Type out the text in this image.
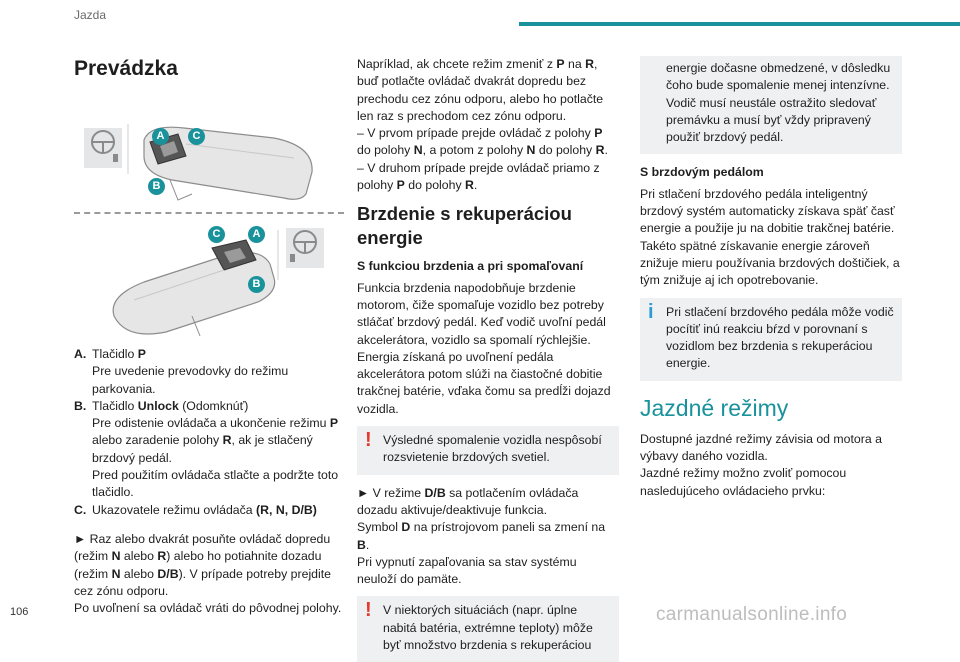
Jazda
Prevádzka
A	C
B
C	A
B
A. Tlačidlo P
Pre uvedenie prevodovky do režimu parkovania.
B. Tlačidlo Unlock (Odomknúť)
Pre odistenie ovládača a ukončenie režimu P alebo zaradenie polohy R, ak je stlačený brzdový pedál.
Pred použitím ovládača stlačte a podržte toto tlačidlo.
C. Ukazovatele režimu ovládača (R, N, D/B)

► Raz alebo dvakrát posuňte ovládač dopredu (režim N alebo R) alebo ho potiahnite dozadu (režim N alebo D/B). V prípade potreby prejdite cez zónu odporu.
Po uvoľnení sa ovládač vráti do pôvodnej polohy.

Napríklad, ak chcete režim zmeniť z P na R, buď potlačte ovládač dvakrát dopredu bez prechodu cez zónu odporu, alebo ho potlačte len raz s prechodom cez zónu odporu.

– V prvom prípade prejde ovládač z polohy P do polohy N, a potom z polohy N do polohy R.

– V druhom prípade prejde ovládač priamo z polohy P do polohy R.

Brzdenie s rekuperáciou energie
S funkciou brzdenia a pri spomaľovaní

Funkcia brzdenia napodobňuje brzdenie motorom, čiže spomaľuje vozidlo bez potreby stláčať brzdový pedál. Keď vodič uvoľní pedál akcelerátora, vozidlo sa spomalí rýchlejšie. Energia získaná po uvoľnení pedála akcelerátora potom slúži na čiastočné dobitie trakčnej batérie, vďaka čomu sa predĺži dojazd vozidla.

! Výsledné spomalenie vozidla nespôsobí rozsvietenie brzdových svetiel.

► V režime D/B sa potlačením ovládača dozadu aktivuje/deaktivuje funkcia.
Symbol D na prístrojovom paneli sa zmení na B.
Pri vypnutí zapaľovania sa stav systému neuloží do pamäte.

! V niektorých situáciách (napr. úplne nabitá batéria, extrémne teploty) môže byť množstvo brzdenia s rekuperáciou
energie dočasne obmedzené, v dôsledku čoho bude spomalenie menej intenzívne. Vodič musí neustále ostražito sledovať premávku a musí byť vždy pripravený použiť brzdový pedál.
S brzdovým pedálom

Pri stlačení brzdového pedála inteligentný brzdový systém automaticky získava späť časť energie a použije ju na dobitie trakčnej batérie. Takéto spätné získavanie energie zároveň znižuje mieru používania brzdových doštičiek, a tým znižuje aj ich opotrebovanie.

i	Pri stlačení brzdového pedála môže vodič pocítiť inú reakciu bŕzd v porovnaní s vozidlom bez brzdenia s rekuperáciou energie.
Jazdné režimy

Dostupné jazdné režimy závisia od motora a výbavy daného vozidla.

Jazdné režimy možno zvoliť pomocou nasledujúceho ovládacieho prvku:

106	carmanualsonline.info
